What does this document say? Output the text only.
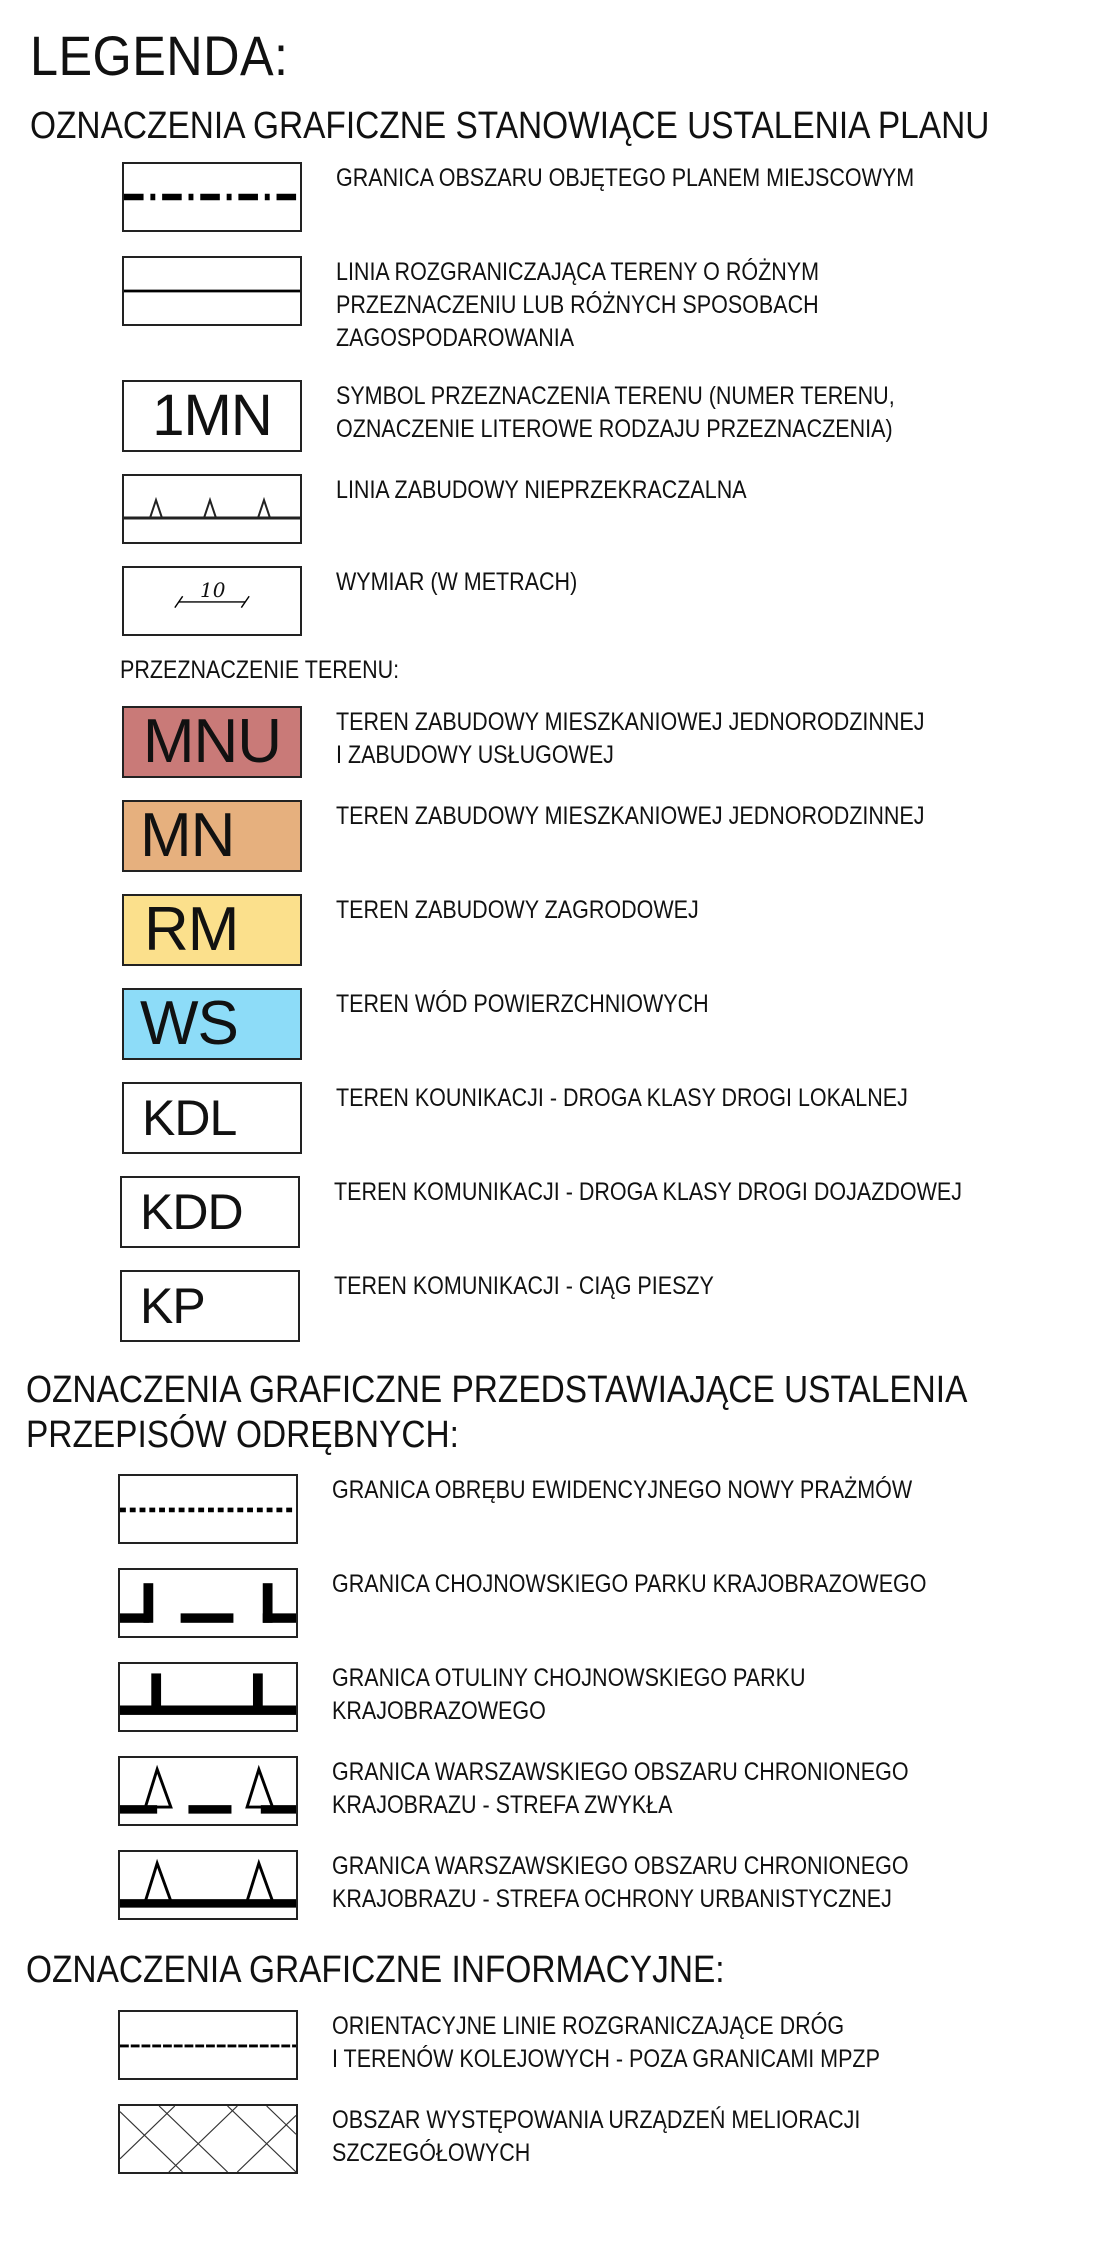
LEGENDA:
OZNACZENIA GRAFICZNE STANOWIĄCE USTALENIA PLANU
GRANICA OBSZARU OBJĘTEGO PLANEM MIEJSCOWYM
LINIA ROZGRANICZAJĄCA TERENY O RÓŻNYM
PRZEZNACZENIU LUB RÓŻNYCH SPOSOBACH
ZAGOSPODAROWANIA
1MN	SYMBOL PRZEZNACZENIA TERENU (NUMER TERENU,
OZNACZENIE LITEROWE RODZAJU PRZEZNACZENIA)
LINIA ZABUDOWY NIEPRZEKRACZALNA
10	WYMIAR (W METRACH)
PRZEZNACZENIE TERENU:
MNU	TEREN ZABUDOWY MIESZKANIOWEJ JEDNORODZINNEJ
I ZABUDOWY USŁUGOWEJ
MN	TEREN ZABUDOWY MIESZKANIOWEJ JEDNORODZINNEJ
RM	TEREN ZABUDOWY ZAGRODOWEJ
WS	TEREN WÓD POWIERZCHNIOWYCH
KDL	TEREN KOUNIKACJI - DROGA KLASY DROGI LOKALNEJ
KDD	TEREN KOMUNIKACJI - DROGA KLASY DROGI DOJAZDOWEJ
KP	TEREN KOMUNIKACJI - CIĄG PIESZY
OZNACZENIA GRAFICZNE PRZEDSTAWIAJĄCE USTALENIA
PRZEPISÓW ODRĘBNYCH:
GRANICA OBRĘBU EWIDENCYJNEGO NOWY PRAŻMÓW
GRANICA CHOJNOWSKIEGO PARKU KRAJOBRAZOWEGO
GRANICA OTULINY CHOJNOWSKIEGO PARKU
KRAJOBRAZOWEGO
GRANICA WARSZAWSKIEGO OBSZARU CHRONIONEGO
KRAJOBRAZU - STREFA ZWYKŁA
GRANICA WARSZAWSKIEGO OBSZARU CHRONIONEGO
KRAJOBRAZU - STREFA OCHRONY URBANISTYCZNEJ
OZNACZENIA GRAFICZNE INFORMACYJNE:
ORIENTACYJNE LINIE ROZGRANICZAJĄCE DRÓG
I TERENÓW KOLEJOWYCH - POZA GRANICAMI MPZP
OBSZAR WYSTĘPOWANIA URZĄDZEŃ MELIORACJI
SZCZEGÓŁOWYCH
